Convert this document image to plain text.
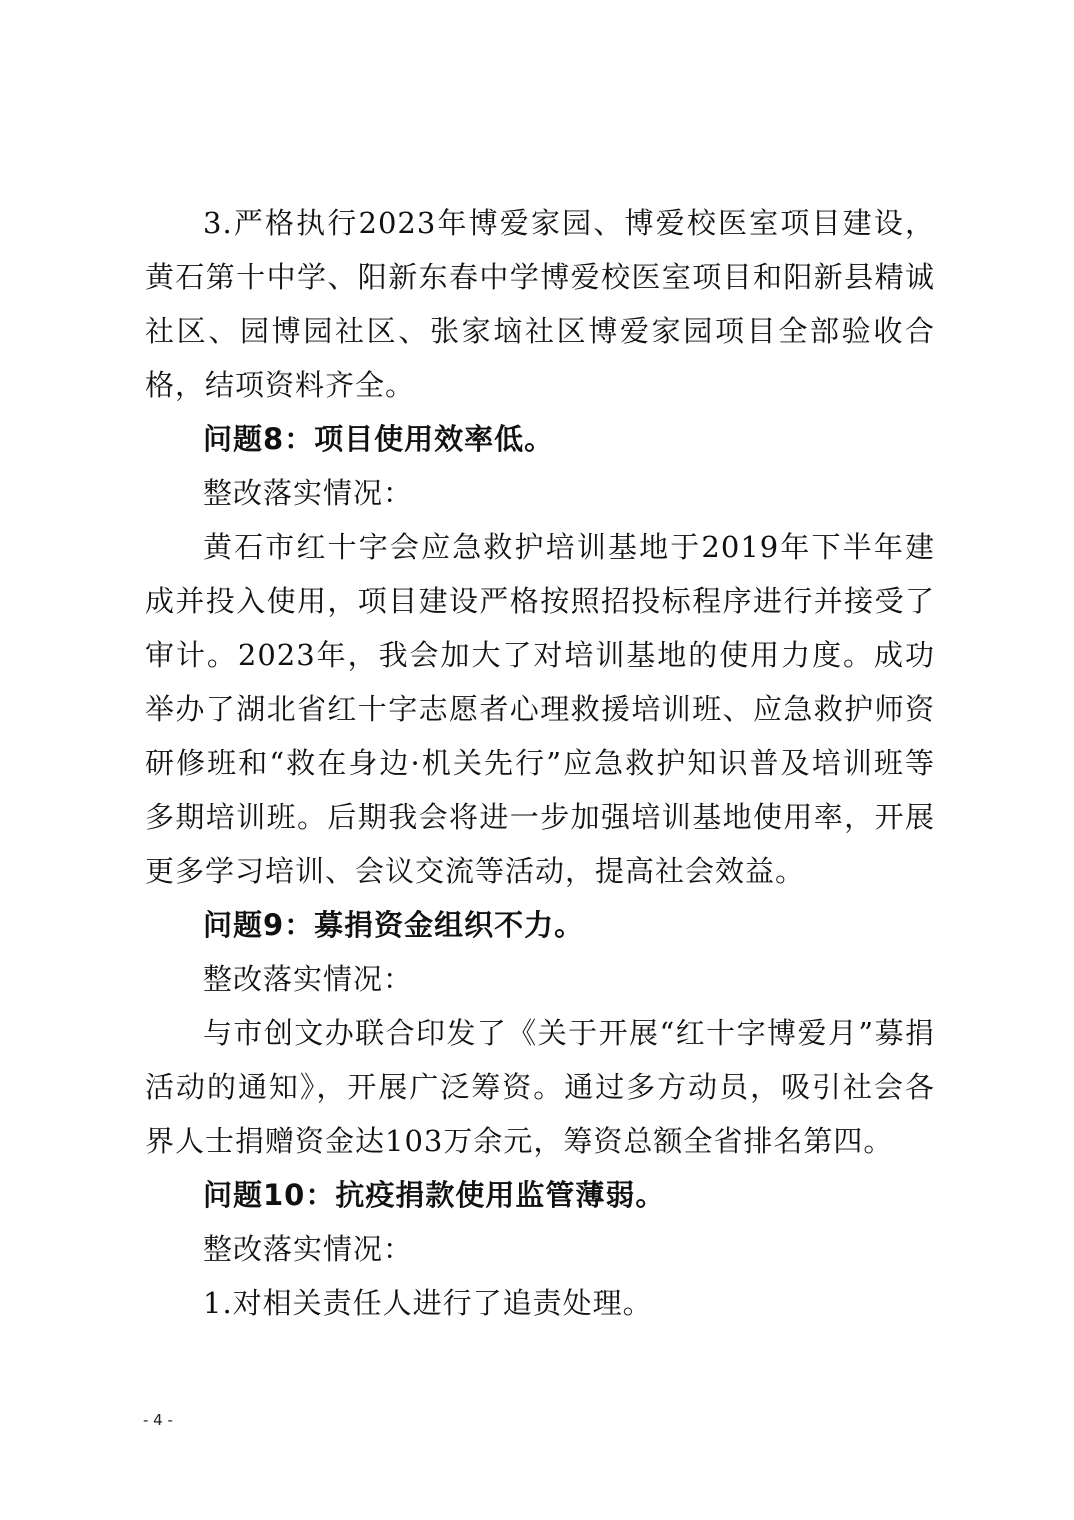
3.严格执行2023年博爱家园、博爱校医室项目建设，黄石第十中学、阳新东春中学博爱校医室项目和阳新县精诚社区、园博园社区、张家垴社区博爱家园项目全部验收合格，结项资料齐全。

问题8：项目使用效率低。

整改落实情况：

黄石市红十字会应急救护培训基地于2019年下半年建成并投入使用，项目建设严格按照招投标程序进行并接受了审计。2023年，我会加大了对培训基地的使用力度。成功举办了湖北省红十字志愿者心理救援培训班、应急救护师资研修班和“救在身边·机关先行”应急救护知识普及培训班等多期培训班。后期我会将进一步加强培训基地使用率，开展更多学习培训、会议交流等活动，提高社会效益。

问题9：募捐资金组织不力。

整改落实情况：

与市创文办联合印发了《关于开展“红十字博爱月”募捐活动的通知》，开展广泛筹资。通过多方动员，吸引社会各界人士捐赠资金达103万余元，筹资总额全省排名第四。

问题10：抗疫捐款使用监管薄弱。

整改落实情况：

1.对相关责任人进行了追责处理。

- 4 -
